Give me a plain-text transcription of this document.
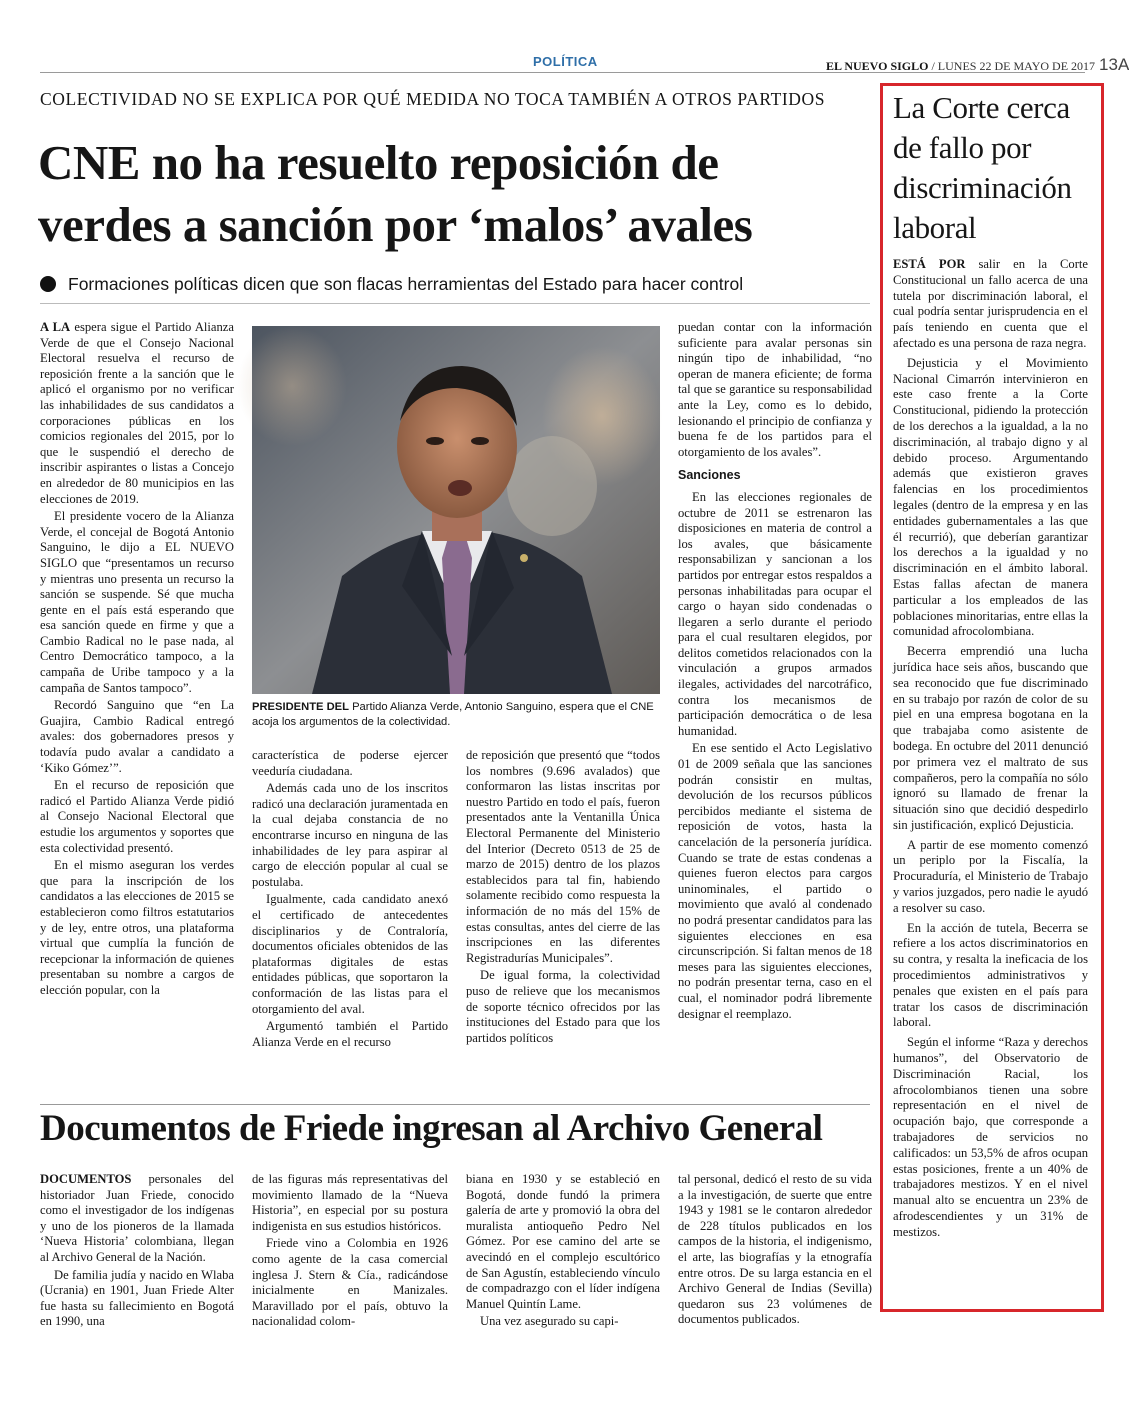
POLÍTICA	EL NUEVO SIGLO / LUNES 22 DE MAYO DE 2017 13A
COLECTIVIDAD NO SE EXPLICA POR QUÉ MEDIDA NO TOCA TAMBIÉN A OTROS PARTIDOS
CNE no ha resuelto reposición de
verdes a sanción por ‘malos’ avales
Formaciones políticas dicen que son flacas herramientas del Estado para hacer control

A LA espera sigue el Partido Alianza Verde de que el Consejo Nacional Electoral resuelva el recurso de reposición frente a la sanción que le aplicó el organismo por no verificar las inhabilidades de sus candidatos a corporaciones públicas en los comicios regionales del 2015, por lo que le suspendió el derecho de inscribir aspirantes o listas a Concejo en alrededor de 80 municipios en las elecciones de 2019.

El presidente vocero de la Alianza Verde, el concejal de Bogotá Antonio Sanguino, le dijo a EL NUEVO SIGLO que “presentamos un recurso y mientras uno presenta un recurso la sanción se suspende. Sé que mucha gente en el país está esperando que esa sanción quede en firme y que a Cambio Radical no le pase nada, al Centro Democrático tampoco, a la campaña de Uribe tampoco y a la campaña de Santos tampoco”.

Recordó Sanguino que “en La Guajira, Cambio Radical entregó avales: dos gobernadores presos y todavía pudo avalar a candidato a ‘Kiko Gómez’”.

En el recurso de reposición que radicó el Partido Alianza Verde pidió al Consejo Nacional Electoral que estudie los argumentos y soportes que esta colectividad presentó.

En el mismo aseguran los verdes que para la inscripción de los candidatos a las elecciones de 2015 se establecieron como filtros estatutarios y de ley, entre otros, una plataforma virtual que cumplía la función de recepcionar la información de quienes presentaban su nombre a cargos de elección popular, con la

PRESIDENTE DEL Partido Alianza Verde, Antonio Sanguino, espera que el CNE acoja los argumentos de la colectividad.

característica de poderse ejercer veeduría ciudadana.

Además cada uno de los inscritos radicó una declaración juramentada en la cual dejaba constancia de no encontrarse incurso en ninguna de las inhabilidades de ley para aspirar al cargo de elección popular al cual se postulaba.

Igualmente, cada candidato anexó el certificado de antecedentes disciplinarios y de Contraloría, documentos oficiales obtenidos de las plataformas digitales de estas entidades públicas, que soportaron la conformación de las listas para el otorgamiento del aval.

Argumentó también el Partido Alianza Verde en el recurso

de reposición que presentó que “todos los nombres (9.696 avalados) que conformaron las listas inscritas por nuestro Partido en todo el país, fueron presentados ante la Ventanilla Única Electoral Permanente del Ministerio del Interior (Decreto 0513 de 25 de marzo de 2015) dentro de los plazos establecidos para tal fin, habiendo solamente recibido como respuesta la información de no más del 15% de estas consultas, antes del cierre de las inscripciones en las diferentes Registradurías Municipales”.

De igual forma, la colectividad puso de relieve que los mecanismos de soporte técnico ofrecidos por las instituciones del Estado para que los partidos políticos

puedan contar con la información suficiente para avalar personas sin ningún tipo de inhabilidad, “no operan de manera eficiente; de forma tal que se garantice su responsabilidad ante la Ley, como es lo debido, lesionando el principio de confianza y buena fe de los partidos para el otorgamiento de los avales”.

Sanciones

En las elecciones regionales de octubre de 2011 se estrenaron las disposiciones en materia de control a los avales, que básicamente responsabilizan y sancionan a los partidos por entregar estos respaldos a personas inhabilitadas para ocupar el cargo o hayan sido condenadas o llegaren a serlo durante el periodo para el cual resultaren elegidos, por delitos cometidos relacionados con la vinculación a grupos armados ilegales, actividades del narcotráfico, contra los mecanismos de participación democrática o de lesa humanidad.

En ese sentido el Acto Legislativo 01 de 2009 señala que las sanciones podrán consistir en multas, devolución de los recursos públicos percibidos mediante el sistema de reposición de votos, hasta la cancelación de la personería jurídica. Cuando se trate de estas condenas a quienes fueron electos para cargos uninominales, el partido o movimiento que avaló al condenado no podrá presentar candidatos para las siguientes elecciones en esa circunscripción. Si faltan menos de 18 meses para las siguientes elecciones, no podrán presentar terna, caso en el cual, el nominador podrá libremente designar el reemplazo.

Documentos de Friede ingresan al Archivo General

DOCUMENTOS personales del historiador Juan Friede, conocido como el investigador de los indígenas y uno de los pioneros de la llamada ‘Nueva Historia’ colombiana, llegan al Archivo General de la Nación.

De familia judía y nacido en Wlaba (Ucrania) en 1901, Juan Friede Alter fue hasta su fallecimiento en Bogotá en 1990, una

de las figuras más representativas del movimiento llamado de la “Nueva Historia”, en especial por su postura indigenista en sus estudios históricos.

Friede vino a Colombia en 1926 como agente de la casa comercial inglesa J. Stern & Cía., radicándose inicialmente en Manizales. Maravillado por el país, obtuvo la nacionalidad colom-

biana en 1930 y se estableció en Bogotá, donde fundó la primera galería de arte y promovió la obra del muralista antioqueño Pedro Nel Gómez. Por ese camino del arte se avecindó en el complejo escultórico de San Agustín, estableciendo vínculo de compadrazgo con el líder indígena Manuel Quintín Lame.

Una vez asegurado su capi-

tal personal, dedicó el resto de su vida a la investigación, de suerte que entre 1943 y 1981 se le contaron alrededor de 228 títulos publicados en los campos de la historia, el indigenismo, el arte, las biografías y la etnografía entre otros. De su larga estancia en el Archivo General de Indias (Sevilla) quedaron sus 23 volúmenes de documentos publicados.

La Corte cerca de fallo por discriminación laboral

ESTÁ POR salir en la Corte Constitucional un fallo acerca de una tutela por discriminación laboral, el cual podría sentar jurisprudencia en el país teniendo en cuenta que el afectado es una persona de raza negra.

Dejusticia y el Movimiento Nacional Cimarrón intervinieron en este caso frente a la Corte Constitucional, pidiendo la protección de los derechos a la igualdad, a la no discriminación, al trabajo digno y al debido proceso. Argumentando además que existieron graves falencias en los procedimientos legales (dentro de la empresa y en las entidades gubernamentales a las que él recurrió), que deberían garantizar los derechos a la igualdad y no discriminación en el ámbito laboral. Estas fallas afectan de manera particular a los empleados de las poblaciones minoritarias, entre ellas la comunidad afrocolombiana.

Becerra emprendió una lucha jurídica hace seis años, buscando que sea reconocido que fue discriminado en su trabajo por razón de color de su piel en una empresa bogotana en la que trabajaba como asistente de bodega. En octubre del 2011 denunció por primera vez el maltrato de sus compañeros, pero la compañía no sólo ignoró su llamado de frenar la situación sino que decidió despedirlo sin justificación, explicó Dejusticia.

A partir de ese momento comenzó un periplo por la Fiscalía, la Procuraduría, el Ministerio de Trabajo y varios juzgados, pero nadie le ayudó a resolver su caso.

En la acción de tutela, Becerra se refiere a los actos discriminatorios en su contra, y resalta la ineficacia de los procedimientos administrativos y penales que existen en el país para tratar los casos de discriminación laboral.

Según el informe “Raza y derechos humanos”, del Observatorio de Discriminación Racial, los afrocolombianos tienen una sobre representación en el nivel de ocupación bajo, que corresponde a trabajadores de servicios no calificados: un 53,5% de afros ocupan estas posiciones, frente a un 40% de trabajadores mestizos. Y en el nivel manual alto se encuentra un 23% de afrodescendientes y un 31% de mestizos.
